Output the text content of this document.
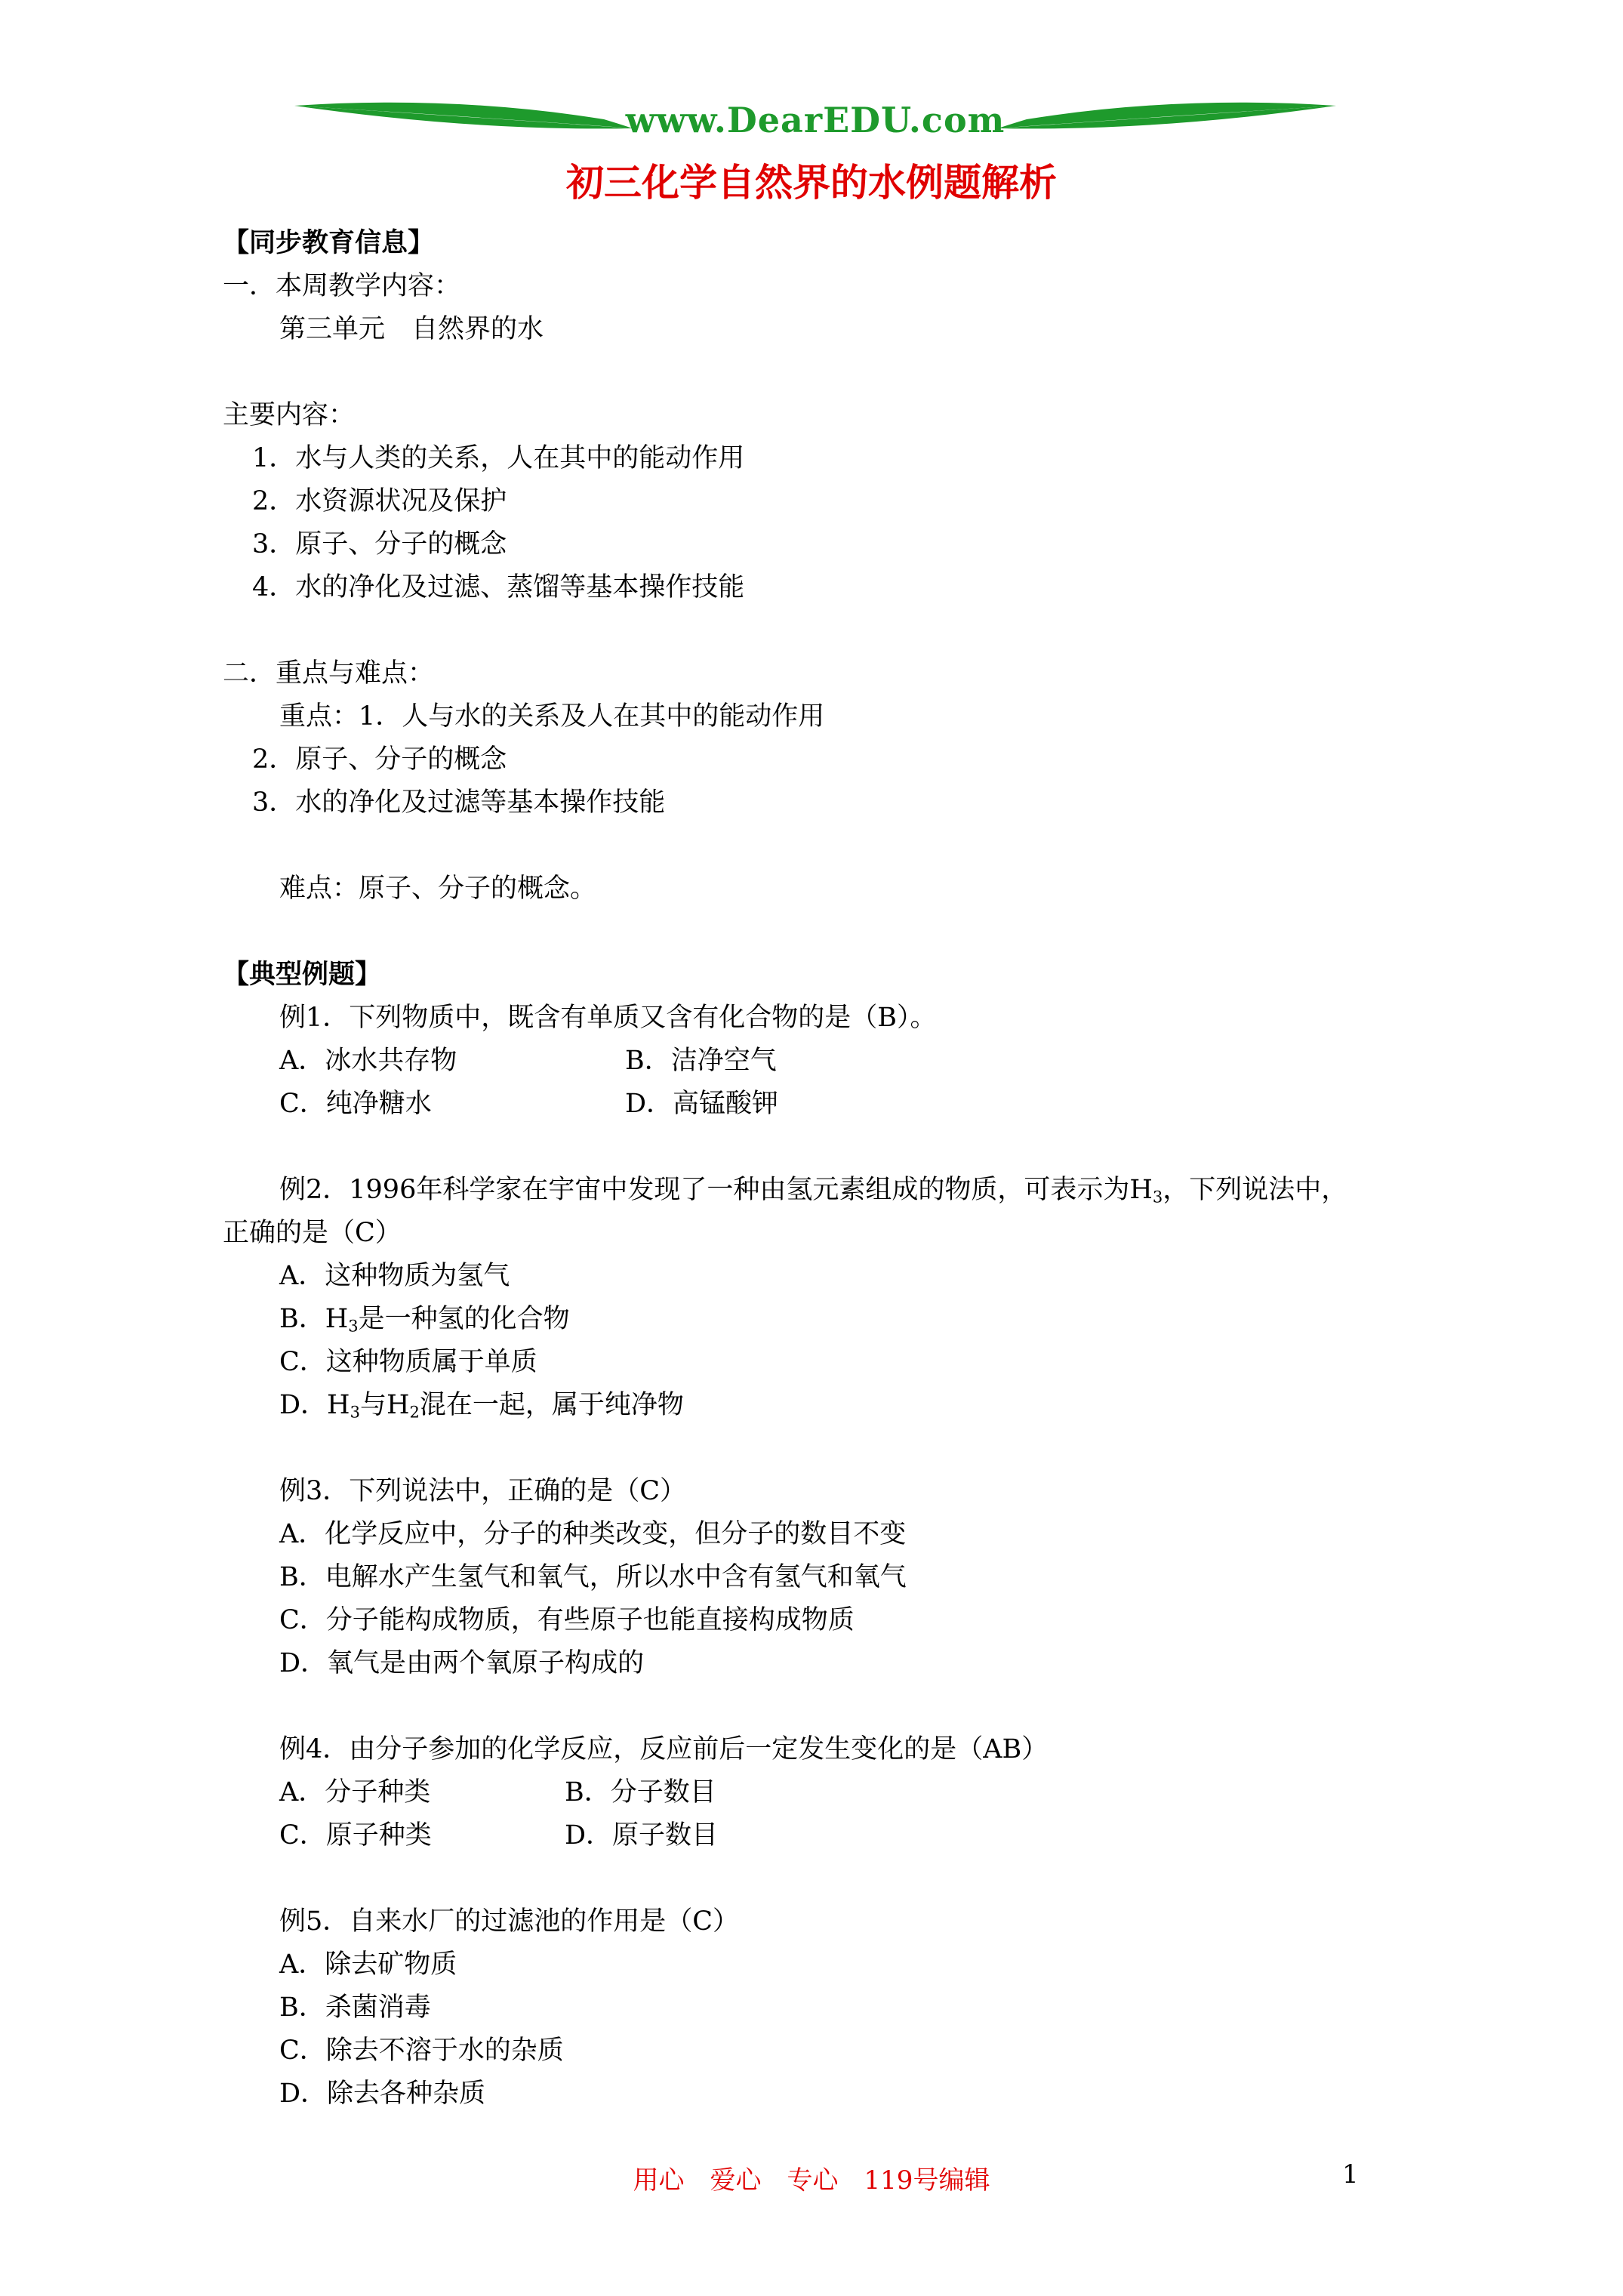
www.DearEDU.com
初三化学自然界的水例题解析
【同步教育信息】
一．本周教学内容：
第三单元　自然界的水
主要内容：
1．水与人类的关系，人在其中的能动作用
2．水资源状况及保护
3．原子、分子的概念
4．水的净化及过滤、蒸馏等基本操作技能
二．重点与难点：
重点：1．人与水的关系及人在其中的能动作用
2．原子、分子的概念
3．水的净化及过滤等基本操作技能
难点：原子、分子的概念。
【典型例题】
例1．下列物质中，既含有单质又含有化合物的是（B）。
A．冰水共存物	B．洁净空气
C．纯净糖水	D．高锰酸钾
例2．1996年科学家在宇宙中发现了一种由氢元素组成的物质，可表示为$H_3$，下列说法中，
正确的是（C）
A．这种物质为氢气
B．$H_3$是一种氢的化合物
C．这种物质属于单质
D．$H_3$与$H_2$混在一起，属于纯净物
例3．下列说法中，正确的是（C）
A．化学反应中，分子的种类改变，但分子的数目不变
B．电解水产生氢气和氧气，所以水中含有氢气和氧气
C．分子能构成物质，有些原子也能直接构成物质
D．氧气是由两个氧原子构成的
例4．由分子参加的化学反应，反应前后一定发生变化的是（AB）
A．分子种类	B．分子数目
C．原子种类	D．原子数目
例5．自来水厂的过滤池的作用是（C）
A．除去矿物质
B．杀菌消毒
C．除去不溶于水的杂质
D．除去各种杂质
用心　爱心　专心　119号编辑	1
